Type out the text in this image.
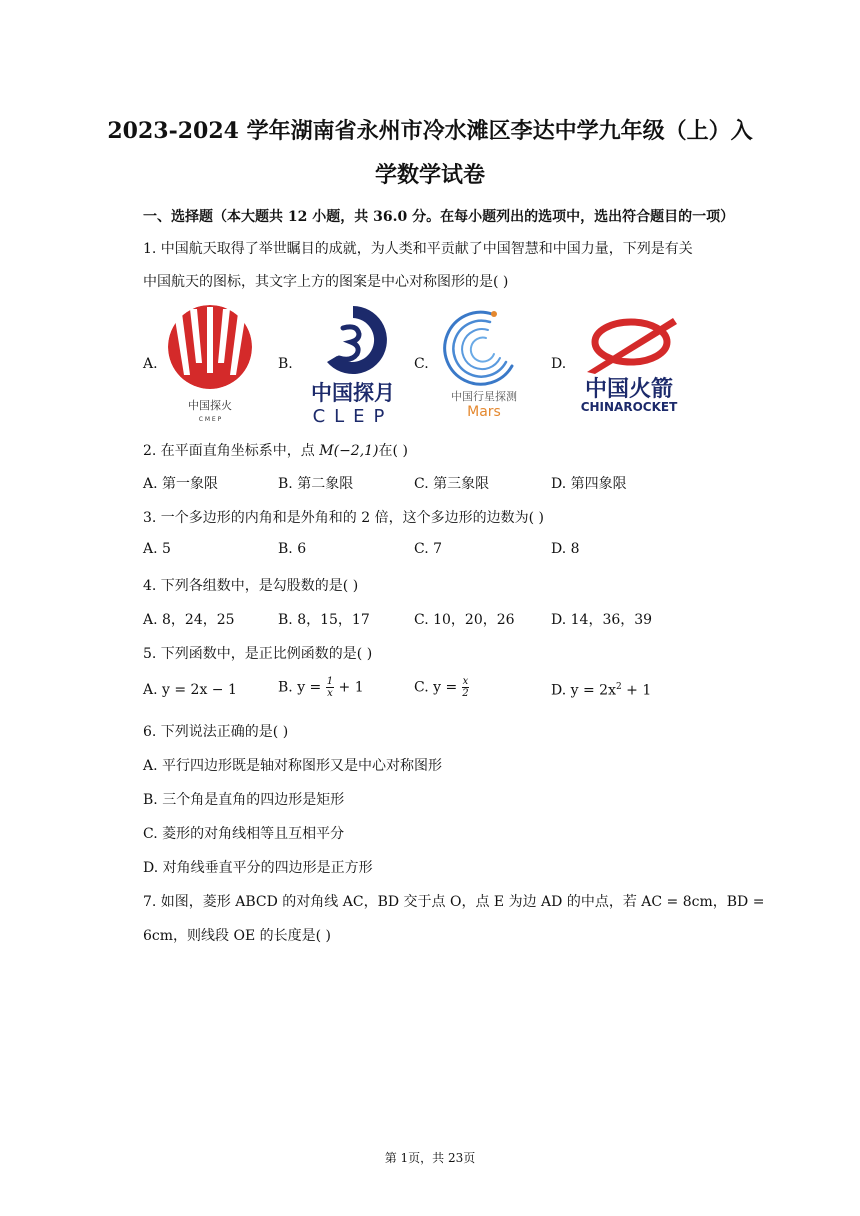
2023-2024 学年湖南省永州市冷水滩区李达中学九年级（上）入
学数学试卷
一、选择题（本大题共 12 小题，共 36.0 分。在每小题列出的选项中，选出符合题目的一项）
1. 中国航天取得了举世瞩目的成就，为人类和平贡献了中国智慧和中国力量，下列是有关
中国航天的图标，其文字上方的图案是中心对称图形的是( )
A.	B.	C.	D.
中国探火
C M E P
中国探月
CLEP
中国行星探测
Mars
中国火箭
CHINAROCKET
2. 在平面直角坐标系中，点 M(−2,1)在( )
A. 第一象限	B. 第二象限	C. 第三象限	D. 第四象限
3. 一个多边形的内角和是外角和的 2 倍，这个多边形的边数为( )
A. 5	B. 6	C. 7	D. 8
4. 下列各组数中，是勾股数的是( )
A. 8，24，25	B. 8，15，17	C. 10，20，26	D. 14，36，39
5. 下列函数中，是正比例函数的是( )
A. y = 2x − 1	B. $y = \frac{1}{x} + 1$	C. $y = \frac{x}{2}$	D. $y = 2x^2 + 1$
6. 下列说法正确的是( )
A. 平行四边形既是轴对称图形又是中心对称图形
B. 三个角是直角的四边形是矩形
C. 菱形的对角线相等且互相平分
D. 对角线垂直平分的四边形是正方形
7. 如图，菱形 ABCD 的对角线 AC，BD 交于点 O，点 E 为边 AD 的中点，若 AC = 8cm，BD =
6cm，则线段 OE 的长度是( )
第 1页，共 23页
